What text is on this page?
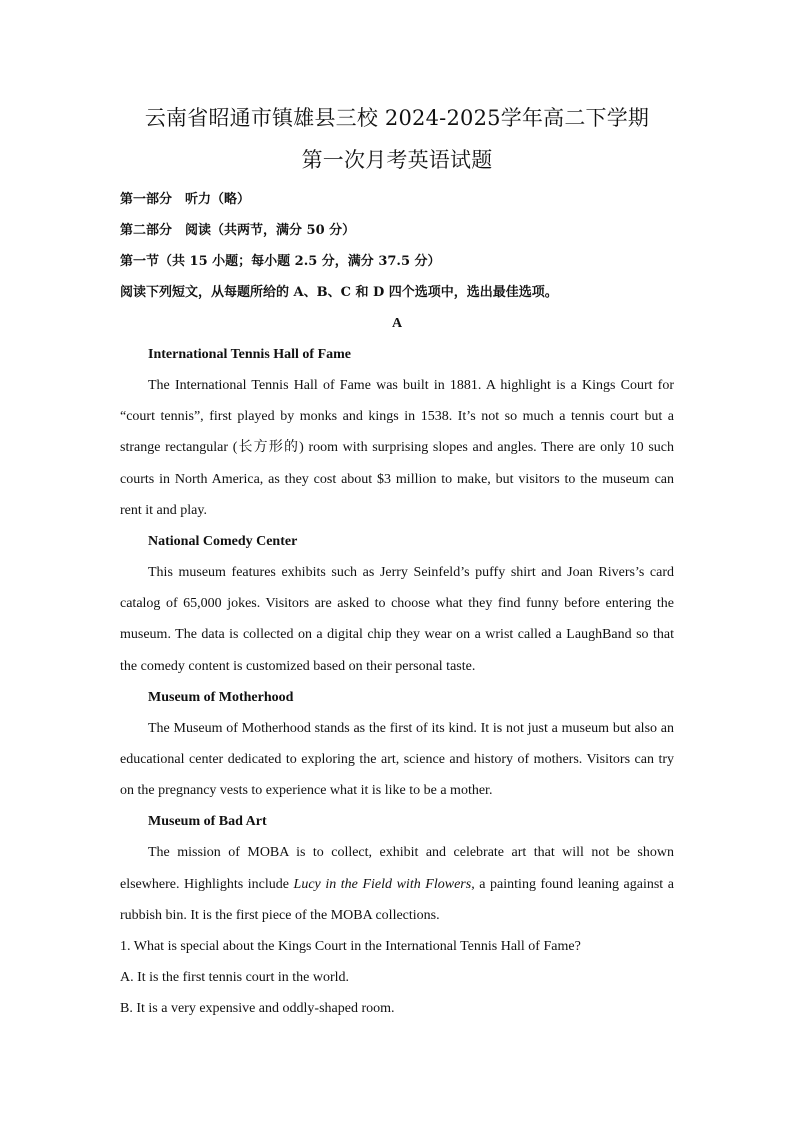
云南省昭通市镇雄县三校 2024-2025学年高二下学期
第一次月考英语试题

第一部分　听力（略）

第二部分　阅读（共两节，满分 50 分）

第一节（共 15 小题；每小题 2.5 分，满分 37.5 分）

阅读下列短文，从每题所给的 A、B、C 和 D 四个选项中，选出最佳选项。

A

International Tennis Hall of Fame

The International Tennis Hall of Fame was built in 1881. A highlight is a Kings Court for “court tennis”, first played by monks and kings in 1538. It’s not so much a tennis court but a strange rectangular (长方形的) room with surprising slopes and angles. There are only 10 such courts in North America, as they cost about $3 million to make, but visitors to the museum can rent it and play.

National Comedy Center

This museum features exhibits such as Jerry Seinfeld’s puffy shirt and Joan Rivers’s card catalog of 65,000 jokes. Visitors are asked to choose what they find funny before entering the museum. The data is collected on a digital chip they wear on a wrist called a LaughBand so that the comedy content is customized based on their personal taste.

Museum of Motherhood

The Museum of Motherhood stands as the first of its kind. It is not just a museum but also an educational center dedicated to exploring the art, science and history of mothers. Visitors can try on the pregnancy vests to experience what it is like to be a mother.

Museum of Bad Art

The mission of MOBA is to collect, exhibit and celebrate art that will not be shown elsewhere. Highlights include Lucy in the Field with Flowers, a painting found leaning against a rubbish bin. It is the first piece of the MOBA collections.

1. What is special about the Kings Court in the International Tennis Hall of Fame?

A. It is the first tennis court in the world.

B. It is a very expensive and oddly-shaped room.
